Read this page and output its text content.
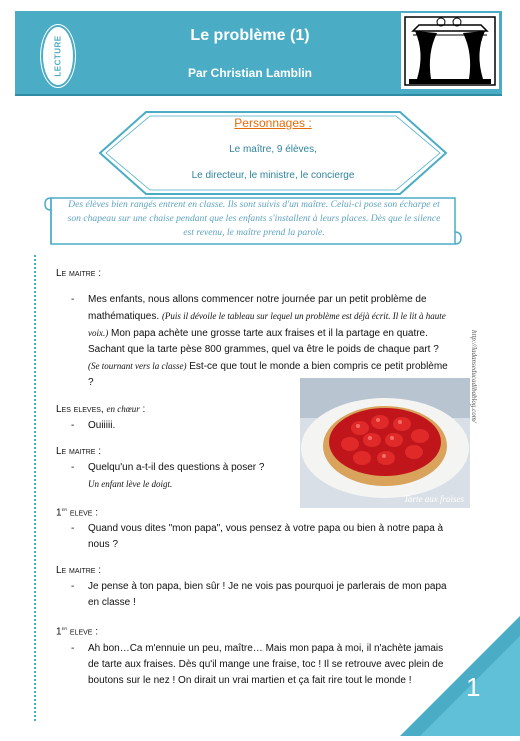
LECTURE	Le problème (1)
Par Christian Lamblin
Personnages :
Le maître, 9 élèves,
Le directeur, le ministre, le concierge
Des élèves bien rangés entrent en classe. Ils sont suivis d'un maître. Celui-ci pose son écharpe et son chapeau sur une chaise pendant que les enfants s'installent à leurs places. Dès que le silence est revenu, le maître prend la parole.

Le maitre :

- Mes enfants, nous allons commencer notre journée par un petit problème de mathématiques. (Puis il dévoile le tableau sur lequel un problème est déjà écrit. Il le lit à haute voix.) Mon papa achète une grosse tarte aux fraises et il la partage en quatre. Sachant que la tarte pèse 800 grammes, quel va être le poids de chaque part ? (Se tournant vers la classe) Est-ce que tout le monde a bien compris ce petit problème ?

Les eleves, en chœur :

- Ouiiiii.

Le maitre :

- Quelqu'un a-t-il des questions à poser ?

Un enfant lève le doigt.

1er eleve :

- Quand vous dites "mon papa", vous pensez à votre papa ou bien à notre papa à nous ?

Le maitre :

- Je pense à ton papa, bien sûr ! Je ne vois pas pourquoi je parlerais de mon papa en classe !

1er eleve :

- Ah bon…Ca m'ennuie un peu, maître… Mais mon papa à moi, il n'achète jamais de tarte aux fraises. Dès qu'il mange une fraise, toc ! Il se retrouve avec plein de boutons sur le nez ! On dirait un vrai martien et ça fait rire tout le monde !

Tarte aux fraises
http://ladanseducadibablog.com/
1
